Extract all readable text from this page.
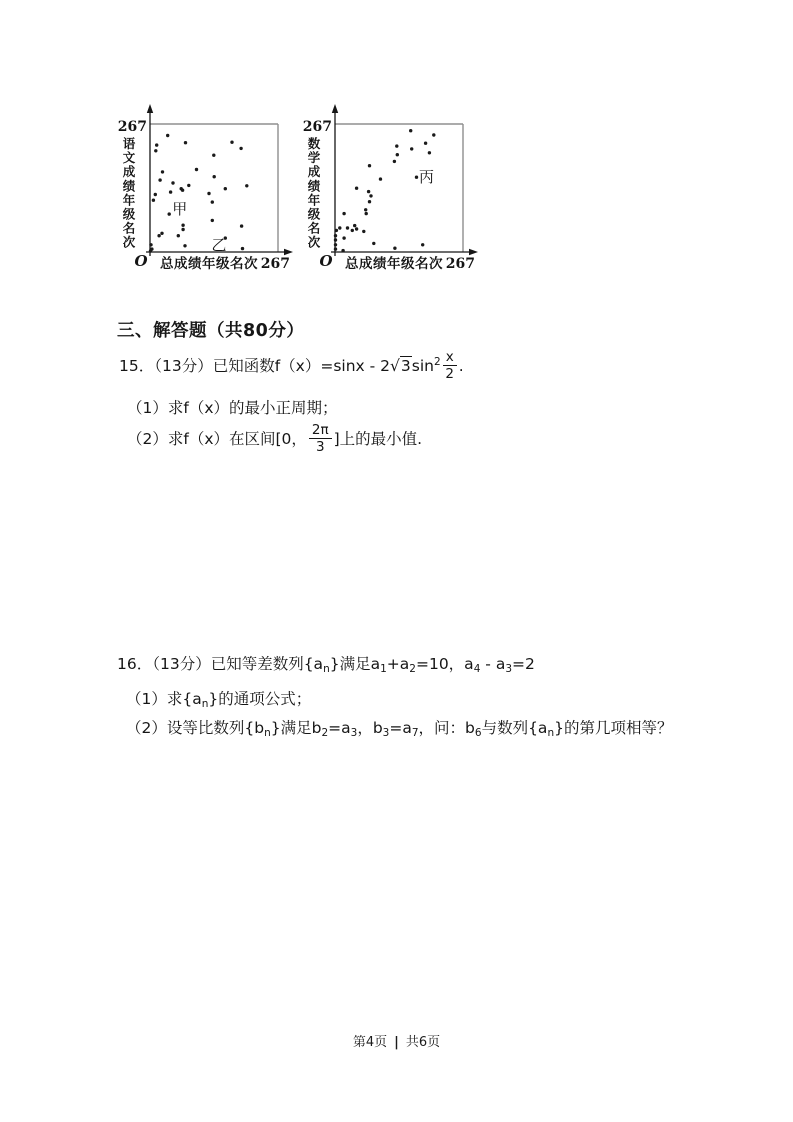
267
语
文
成
绩
年
级
名
次
O 总成绩年级名次 267
甲
乙
267
数
学
成
绩
年
级
名
次
O 总成绩年级名次 267
丙
三、解答题（共80分）
15．（13分）已知函数$f(x)=\sin x - 2√3\sin^2 \frac{x}{2}$ .
（1）求f（x）的最小正周期；
（2）求f（x）在区间[0， $\frac{2\pi}{3}$ ]上的最小值.
16．（13分）已知等差数列$\{a_n\}$满足$a_1+a_2=10$，$a_4 - a_3=2$
（1）求$\{a_n\}$的通项公式；
（2）设等比数列$\{b_n\}$满足$b_2=a_3$，$b_3=a_7$，问：$b_6$与数列$\{a_n\}$的第几项相等？
第4页 | 共6页
